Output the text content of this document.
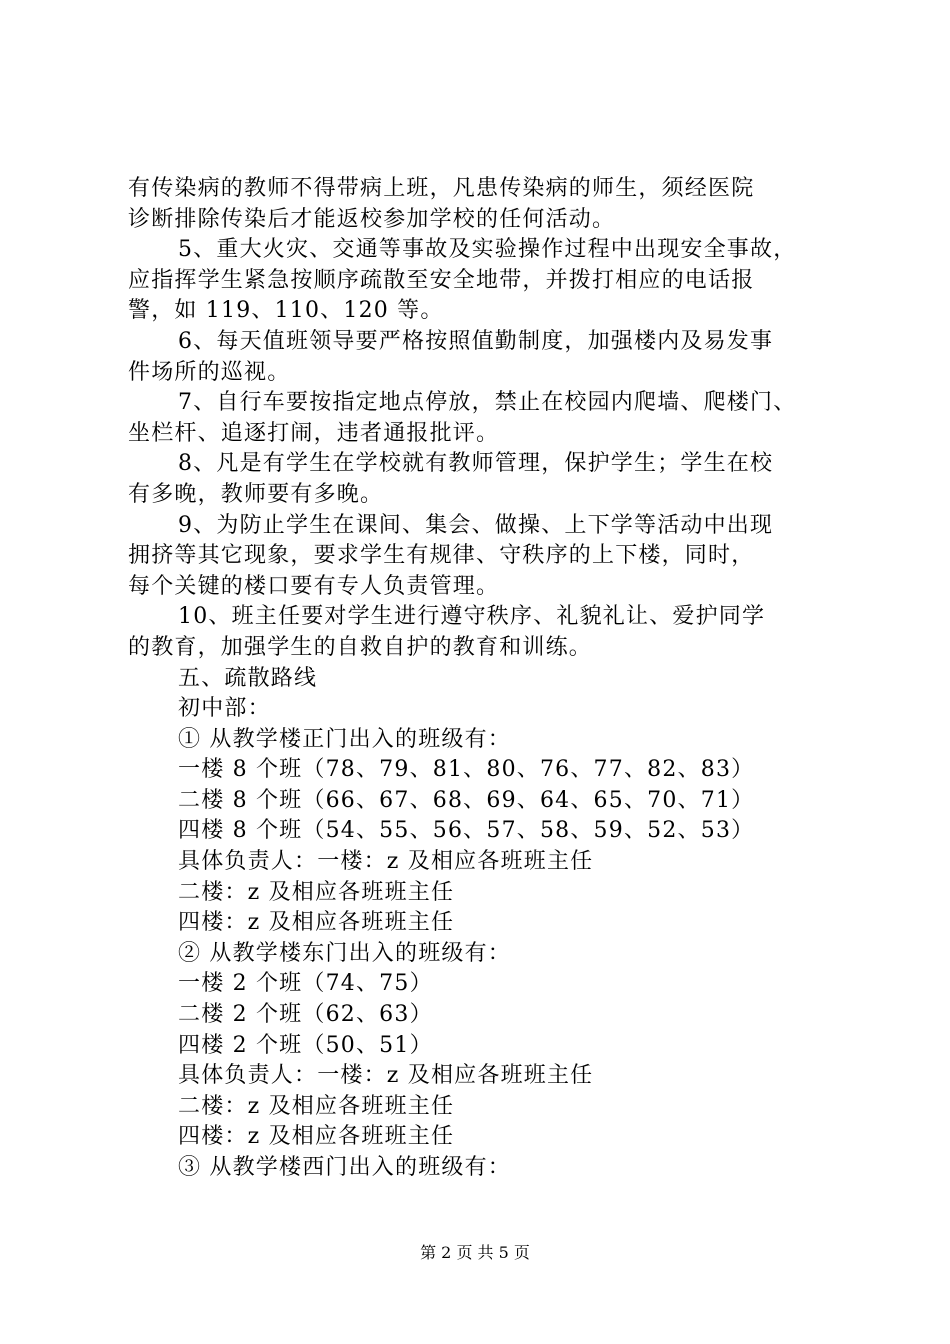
有传染病的教师不得带病上班，凡患传染病的师生，须经医院
诊断排除传染后才能返校参加学校的任何活动。
5、重大火灾、交通等事故及实验操作过程中出现安全事故，
应指挥学生紧急按顺序疏散至安全地带，并拨打相应的电话报
警，如 119、110、120 等。
6、每天值班领导要严格按照值勤制度，加强楼内及易发事
件场所的巡视。
7、自行车要按指定地点停放，禁止在校园内爬墙、爬楼门、
坐栏杆、追逐打闹，违者通报批评。
8、凡是有学生在学校就有教师管理，保护学生；学生在校
有多晚，教师要有多晚。
9、为防止学生在课间、集会、做操、上下学等活动中出现
拥挤等其它现象，要求学生有规律、守秩序的上下楼，同时，
每个关键的楼口要有专人负责管理。
10、班主任要对学生进行遵守秩序、礼貌礼让、爱护同学
的教育，加强学生的自救自护的教育和训练。
五、疏散路线
初中部：
① 从教学楼正门出入的班级有：
一楼 8 个班（78、79、81、80、76、77、82、83）
二楼 8 个班（66、67、68、69、64、65、70、71）
四楼 8 个班（54、55、56、57、58、59、52、53）
具体负责人：一楼：z 及相应各班班主任
二楼：z 及相应各班班主任
四楼：z 及相应各班班主任
② 从教学楼东门出入的班级有：
一楼 2 个班（74、75）
二楼 2 个班（62、63）
四楼 2 个班（50、51）
具体负责人：一楼：z 及相应各班班主任
二楼：z 及相应各班班主任
四楼：z 及相应各班班主任
③ 从教学楼西门出入的班级有：
第 2 页 共 5 页
